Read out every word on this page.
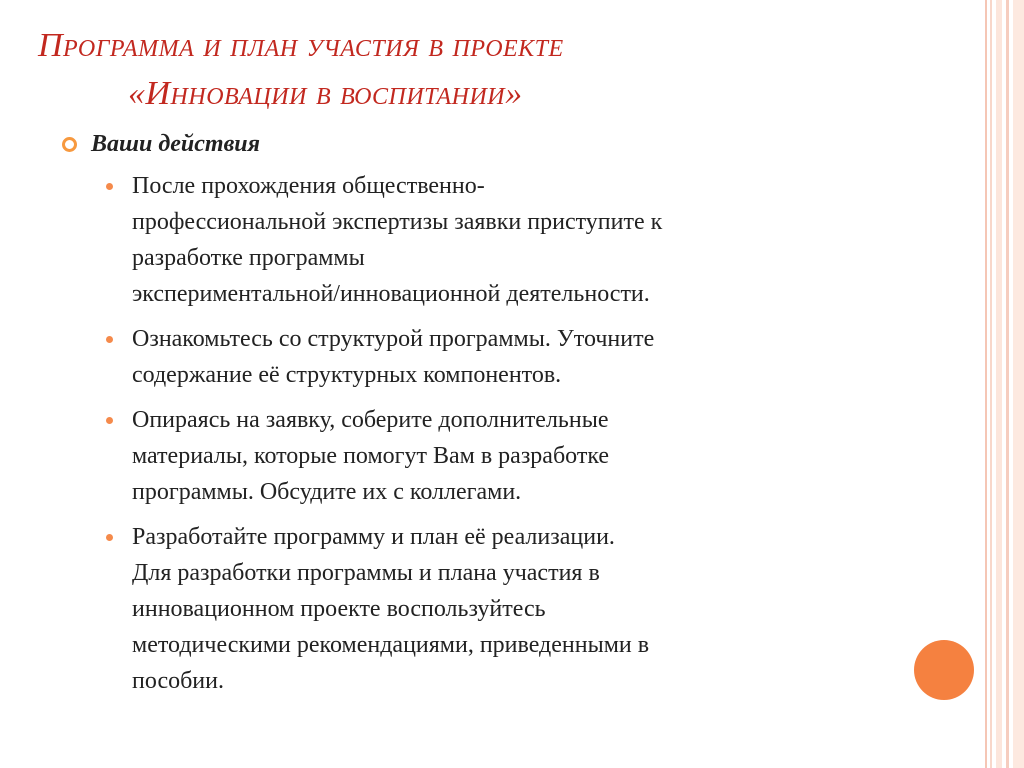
Программа и план участия в проекте
«Инновации в воспитании»
Ваши действия
После прохождения общественно-
профессиональной экспертизы заявки приступите к
разработке программы
экспериментальной/инновационной деятельности.
Ознакомьтесь со структурой программы. Уточните
содержание её структурных компонентов.
Опираясь на заявку, соберите дополнительные
материалы, которые помогут Вам в разработке
программы. Обсудите их с коллегами.
Разработайте программу и план её реализации.
Для разработки программы и плана участия в
инновационном проекте воспользуйтесь
методическими рекомендациями, приведенными в
пособии.
